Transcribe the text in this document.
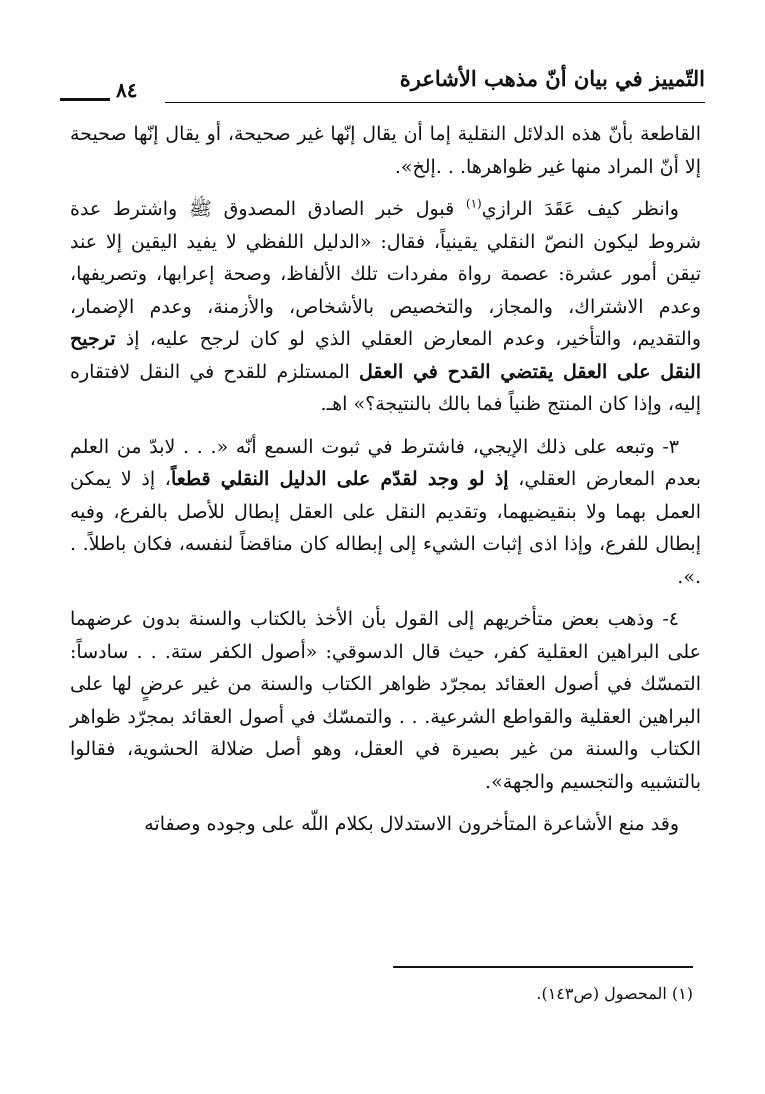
التّمييز في بيان أنّ مذهب الأشاعرة
٨٤

القاطعة بأنّ هذه الدلائل النقلية إما أن يقال إنّها غير صحيحة، أو يقال إنّها صحيحة إلا أنّ المراد منها غير ظواهرها. . .إلخ».

وانظر كيف عَقَدَ الرازي$^{(١)}$ قبول خبر الصادق المصدوق ﷺ واشترط عدة شروط ليكون النصّ النقلي يقينياً، فقال: «الدليل اللفظي لا يفيد اليقين إلا عند تيقن أمور عشرة: عصمة رواة مفردات تلك الألفاظ، وصحة إعرابها، وتصريفها، وعدم الاشتراك، والمجاز، والتخصيص بالأشخاص، والأزمنة، وعدم الإضمار، والتقديم، والتأخير، وعدم المعارض العقلي الذي لو كان لرجح عليه، إذ ترجيح النقل على العقل يقتضي القدح في العقل المستلزم للقدح في النقل لافتقاره إليه، وإذا كان المنتج ظنياً فما بالك بالنتيجة؟» اهـ.

٣- وتبعه على ذلك الإيجي، فاشترط في ثبوت السمع أنّه «. . . لابدّ من العلم بعدم المعارض العقلي، إذ لو وجد لقدّم على الدليل النقلي قطعاً، إذ لا يمكن العمل بهما ولا بنقيضيهما، وتقديم النقل على العقل إبطال للأصل بالفرع، وفيه إبطال للفرع، وإذا اذى إثبات الشيء إلى إبطاله كان مناقضاً لنفسه، فكان باطلاً. . .».

٤- وذهب بعض متأخريهم إلى القول بأن الأخذ بالكتاب والسنة بدون عرضهما على البراهين العقلية كفر، حيث قال الدسوقي: «أصول الكفر ستة. . . سادساً: التمسّك في أصول العقائد بمجرّد ظواهر الكتاب والسنة من غير عرضٍ لها على البراهين العقلية والقواطع الشرعية. . . والتمسّك في أصول العقائد بمجرّد ظواهر الكتاب والسنة من غير بصيرة في العقل، وهو أصل ضلالة الحشوية، فقالوا بالتشبيه والتجسيم والجهة».

وقد منع الأشاعرة المتأخرون الاستدلال بكلام اللّه على وجوده وصفاته

(١) المحصول (ص١٤٣).
